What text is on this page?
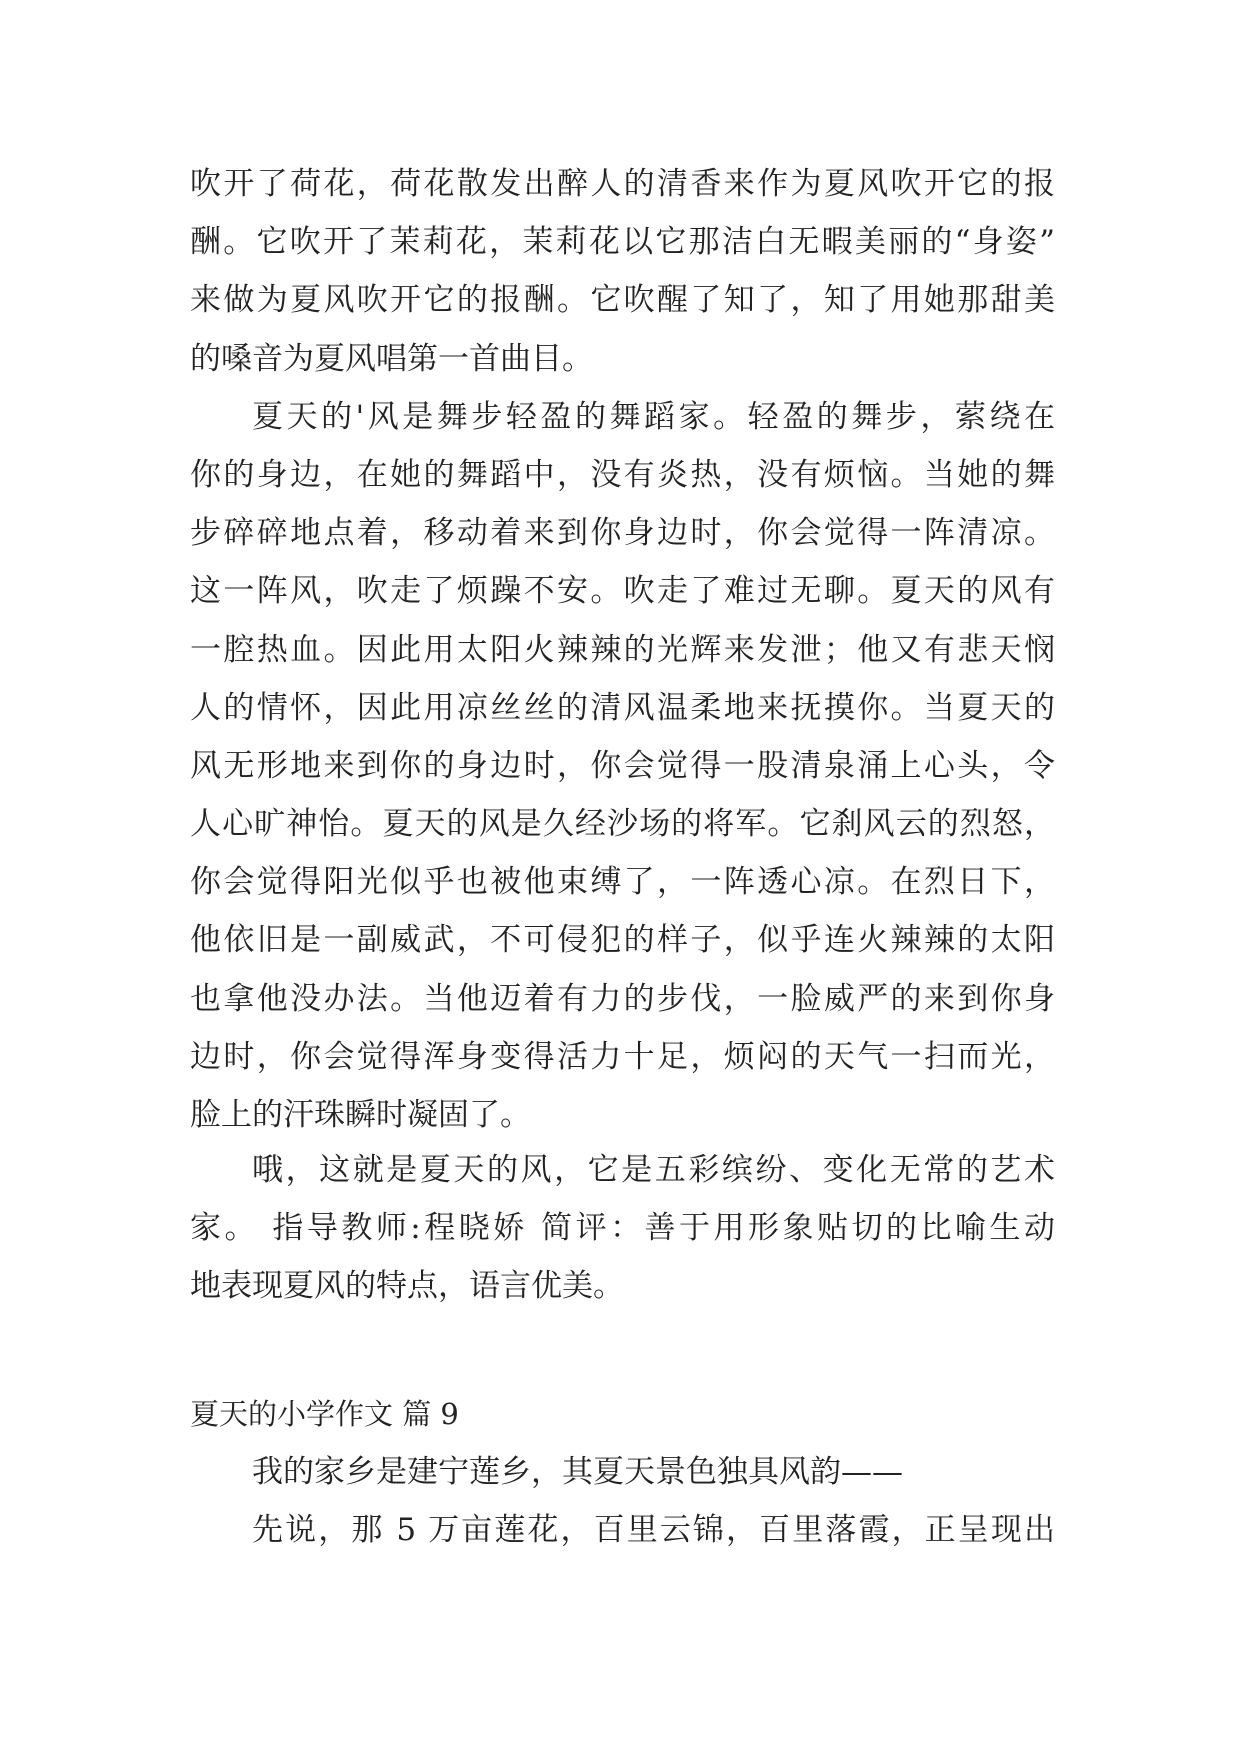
吹开了荷花，荷花散发出醉人的清香来作为夏风吹开它的报
酬。它吹开了茉莉花，茉莉花以它那洁白无暇美丽的“身姿”
来做为夏风吹开它的报酬。它吹醒了知了，知了用她那甜美
的嗓音为夏风唱第一首曲目。
夏天的'风是舞步轻盈的舞蹈家。轻盈的舞步，萦绕在
你的身边，在她的舞蹈中，没有炎热，没有烦恼。当她的舞
步碎碎地点着，移动着来到你身边时，你会觉得一阵清凉。
这一阵风，吹走了烦躁不安。吹走了难过无聊。夏天的风有
一腔热血。因此用太阳火辣辣的光辉来发泄；他又有悲天悯
人的情怀，因此用凉丝丝的清风温柔地来抚摸你。当夏天的
风无形地来到你的身边时，你会觉得一股清泉涌上心头，令
人心旷神怡。夏天的风是久经沙场的将军。它刹风云的烈怒，
你会觉得阳光似乎也被他束缚了，一阵透心凉。在烈日下，
他依旧是一副威武，不可侵犯的样子，似乎连火辣辣的太阳
也拿他没办法。当他迈着有力的步伐，一脸威严的来到你身
边时，你会觉得浑身变得活力十足，烦闷的天气一扫而光，
脸上的汗珠瞬时凝固了。
哦，这就是夏天的风，它是五彩缤纷、变化无常的艺术
家。 指导教师:程晓娇 简评：善于用形象贴切的比喻生动
地表现夏风的特点，语言优美。
夏天的小学作文 篇 9
我的家乡是建宁莲乡，其夏天景色独具风韵——
先说，那 5 万亩莲花，百里云锦，百里落霞，正呈现出
